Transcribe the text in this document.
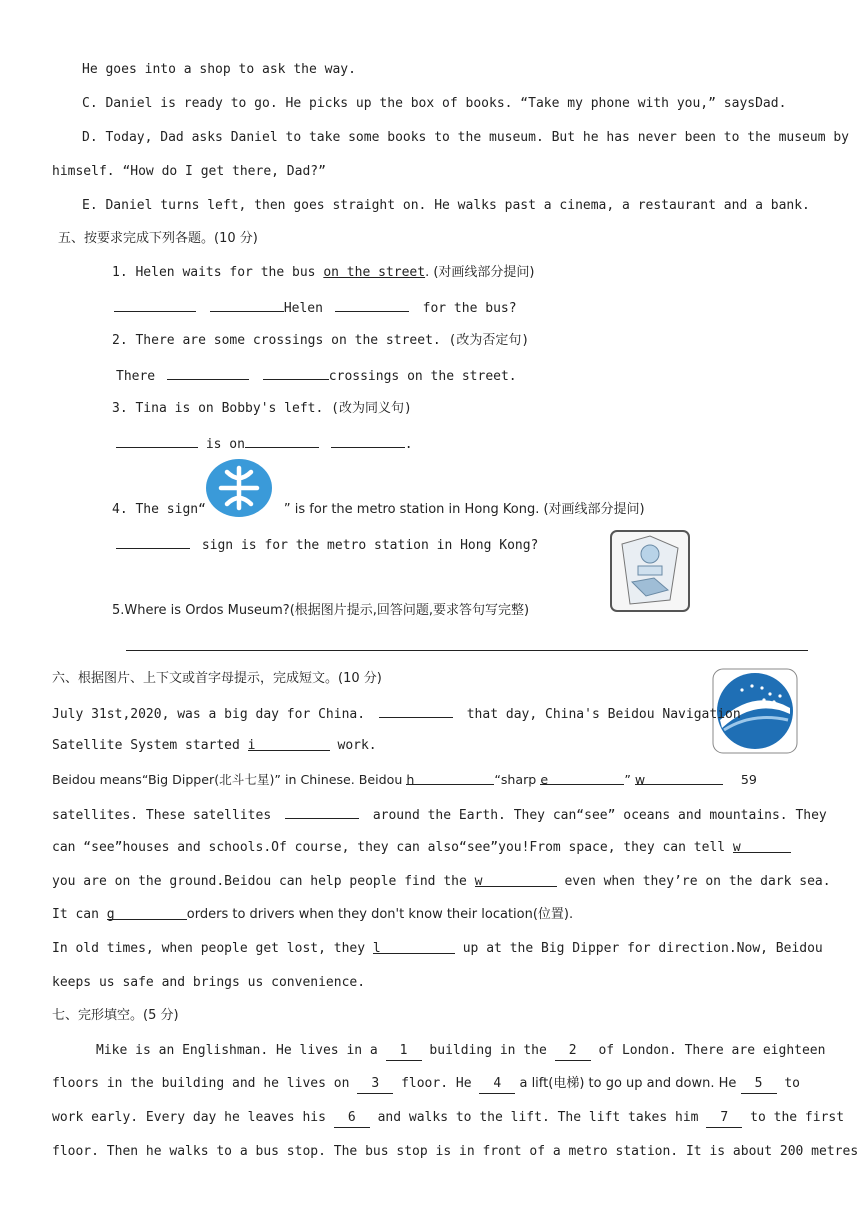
He goes into a shop to ask the way.
C. Daniel is ready to go. He picks up the box of books. “Take my phone with you,” saysDad.
D. Today, Dad asks Daniel to take some books to the museum. But he has never been to the museum by
himself. “How do I get there, Dad?”
E. Daniel turns left, then goes straight on. He walks past a cinema, a restaurant and a bank.
五、按要求完成下列各题。(10 分)
1. Helen waits for the bus on the street. (对画线部分提问)
Helen	for the bus?
2. There are some crossings on the street. (改为否定句)
There	crossings on the street.
3. Tina is on Bobby's left. (改为同义句)
is on	.
4. The sign“	” is for the metro station in Hong Kong. (对画线部分提问)
sign is for the metro station in Hong Kong?
5.Where is Ordos Museum?(根据图片提示,回答问题,要求答句写完整)
六、根据图片、上下文或首字母提示，完成短文。(10 分)
July 31st,2020, was a big day for China.	that day, China's Beidou Navigation
Satellite System started i	work.
Beidou means“Big Dipper(北斗七星)” in Chinese. Beidou h	“sharp e	” w	59
satellites. These satellites	around the Earth. They can“see” oceans and mountains. They
can “see”houses and schools.Of course, they can also“see”you!From space, they can tell w
you are on the ground.Beidou can help people find the w	even when they’re on the dark sea.
It can g	orders to drivers when they don't know their location(位置).
In old times, when people get lost, they l	up at the Big Dipper for direction.Now, Beidou
keeps us safe and brings us convenience.
七、完形填空。(5 分)
Mike is an Englishman. He lives in a 1 building in the 2 of London. There are eighteen
floors in the building and he lives on 3 floor. He 4 a lift(电梯) to go up and down. He 5 to
work early. Every day he leaves his 6 and walks to the lift. The lift takes him 7 to the first
floor. Then he walks to a bus stop. The bus stop is in front of a metro station. It is about 200 metres
